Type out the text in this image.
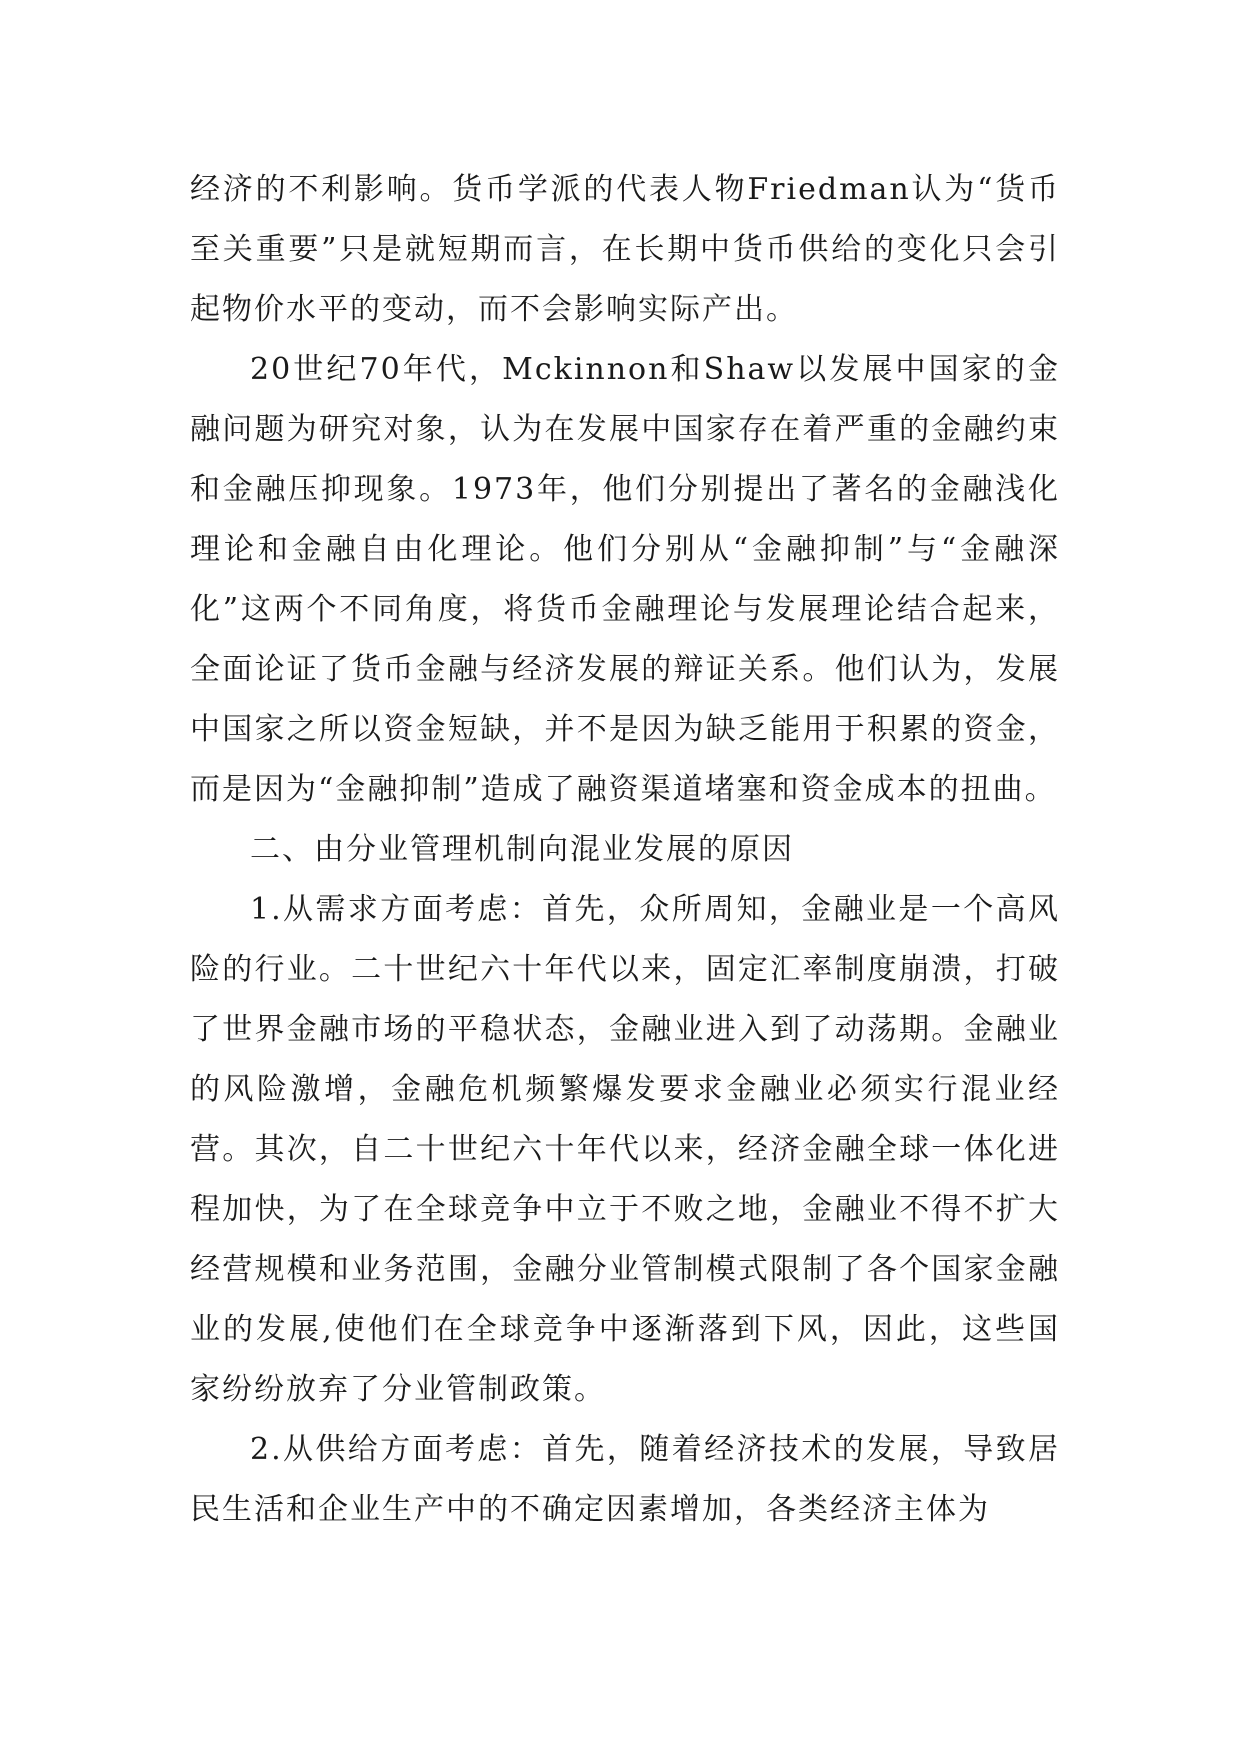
经济的不利影响。货币学派的代表人物Friedman认为“货币至关重要”只是就短期而言，在长期中货币供给的变化只会引起物价水平的变动，而不会影响实际产出。

20世纪70年代，Mckinnon和Shaw以发展中国家的金融问题为研究对象，认为在发展中国家存在着严重的金融约束和金融压抑现象。1973年，他们分别提出了著名的金融浅化理论和金融自由化理论。他们分别从“金融抑制”与“金融深化”这两个不同角度，将货币金融理论与发展理论结合起来，全面论证了货币金融与经济发展的辩证关系。他们认为，发展中国家之所以资金短缺，并不是因为缺乏能用于积累的资金，而是因为“金融抑制”造成了融资渠道堵塞和资金成本的扭曲。

二、由分业管理机制向混业发展的原因

1.从需求方面考虑：首先，众所周知，金融业是一个高风险的行业。二十世纪六十年代以来，固定汇率制度崩溃，打破了世界金融市场的平稳状态，金融业进入到了动荡期。金融业的风险激增，金融危机频繁爆发要求金融业必须实行混业经营。其次，自二十世纪六十年代以来，经济金融全球一体化进程加快，为了在全球竞争中立于不败之地，金融业不得不扩大经营规模和业务范围，金融分业管制模式限制了各个国家金融业的发展,使他们在全球竞争中逐渐落到下风，因此，这些国家纷纷放弃了分业管制政策。

2.从供给方面考虑：首先，随着经济技术的发展，导致居民生活和企业生产中的不确定因素增加，各类经济主体为
